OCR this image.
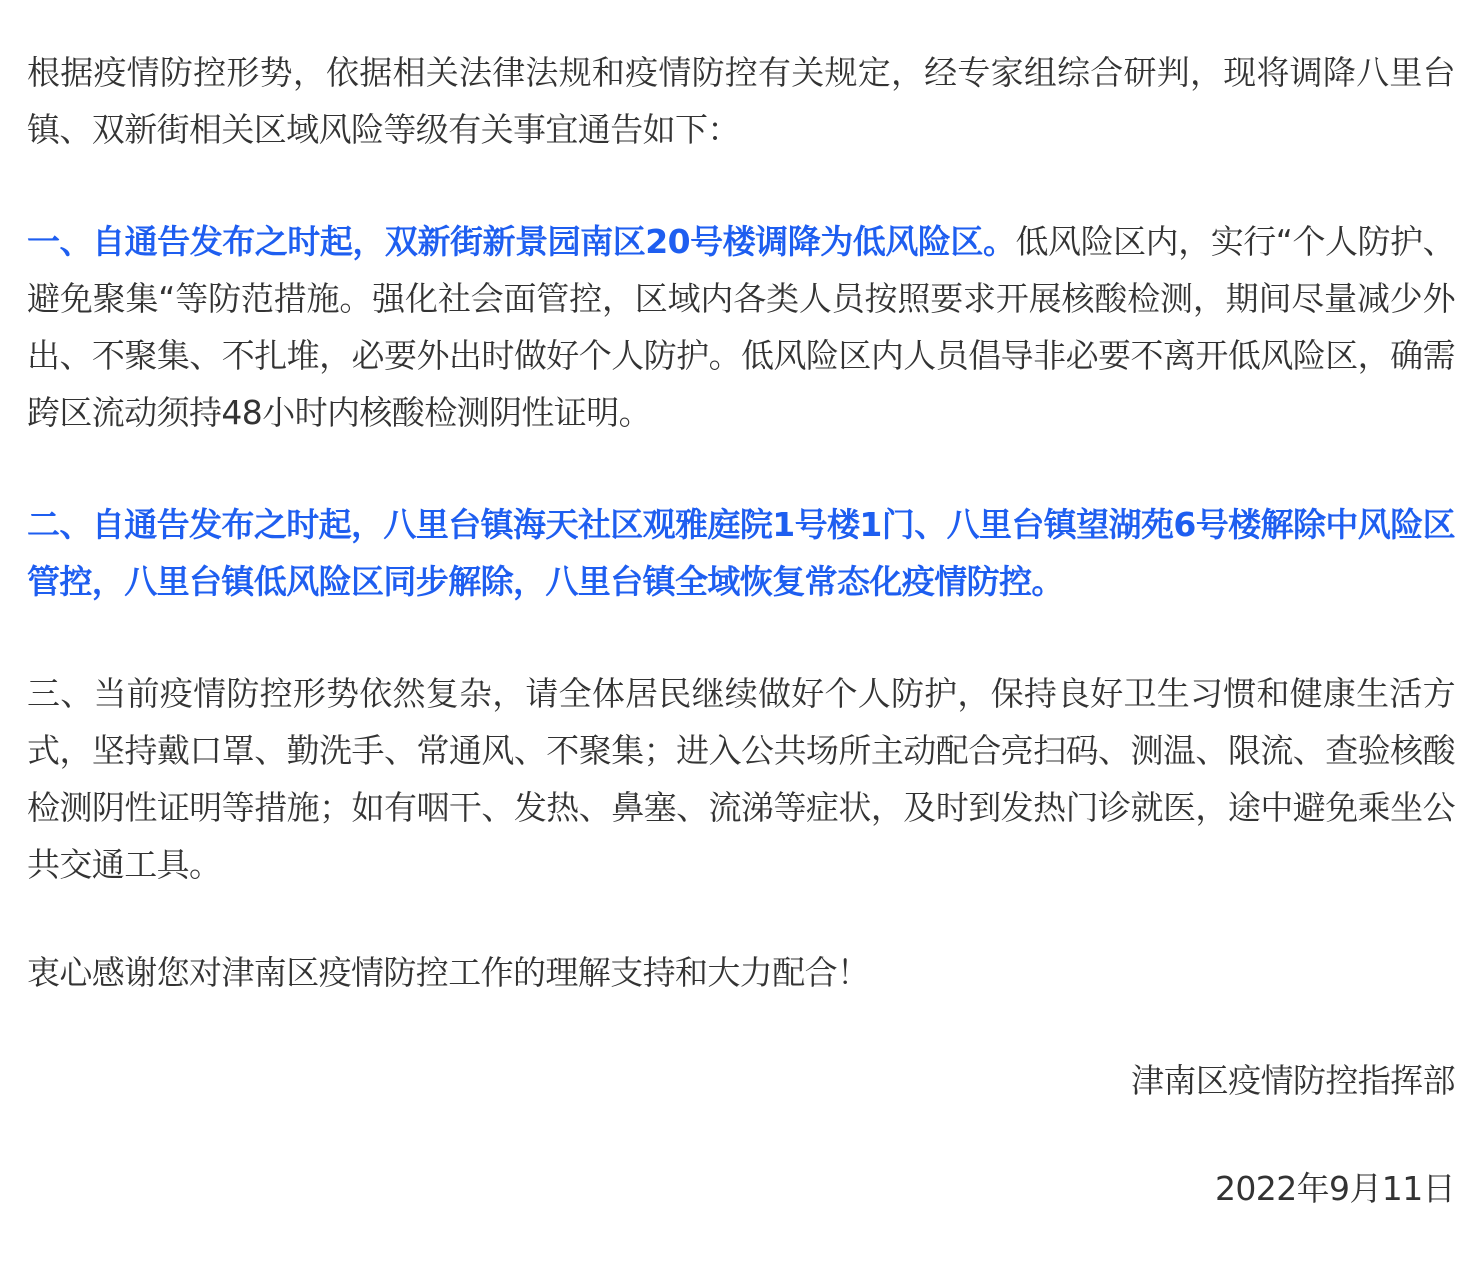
根据疫情防控形势，依据相关法律法规和疫情防控有关规定，经专家组综合研判，现将调降八里台镇、双新街相关区域风险等级有关事宜通告如下：

一、自通告发布之时起，双新街新景园南区20号楼调降为低风险区。低风险区内，实行“个人防护、避免聚集“等防范措施。强化社会面管控，区域内各类人员按照要求开展核酸检测，期间尽量减少外出、不聚集、不扎堆，必要外出时做好个人防护。低风险区内人员倡导非必要不离开低风险区，确需跨区流动须持48小时内核酸检测阴性证明。

二、自通告发布之时起，八里台镇海天社区观雅庭院1号楼1门、八里台镇望湖苑6号楼解除中风险区管控，八里台镇低风险区同步解除，八里台镇全域恢复常态化疫情防控。

三、当前疫情防控形势依然复杂，请全体居民继续做好个人防护，保持良好卫生习惯和健康生活方式，坚持戴口罩、勤洗手、常通风、不聚集；进入公共场所主动配合亮扫码、测温、限流、查验核酸检测阴性证明等措施；如有咽干、发热、鼻塞、流涕等症状，及时到发热门诊就医，途中避免乘坐公共交通工具。

衷心感谢您对津南区疫情防控工作的理解支持和大力配合！

津南区疫情防控指挥部

2022年9月11日
